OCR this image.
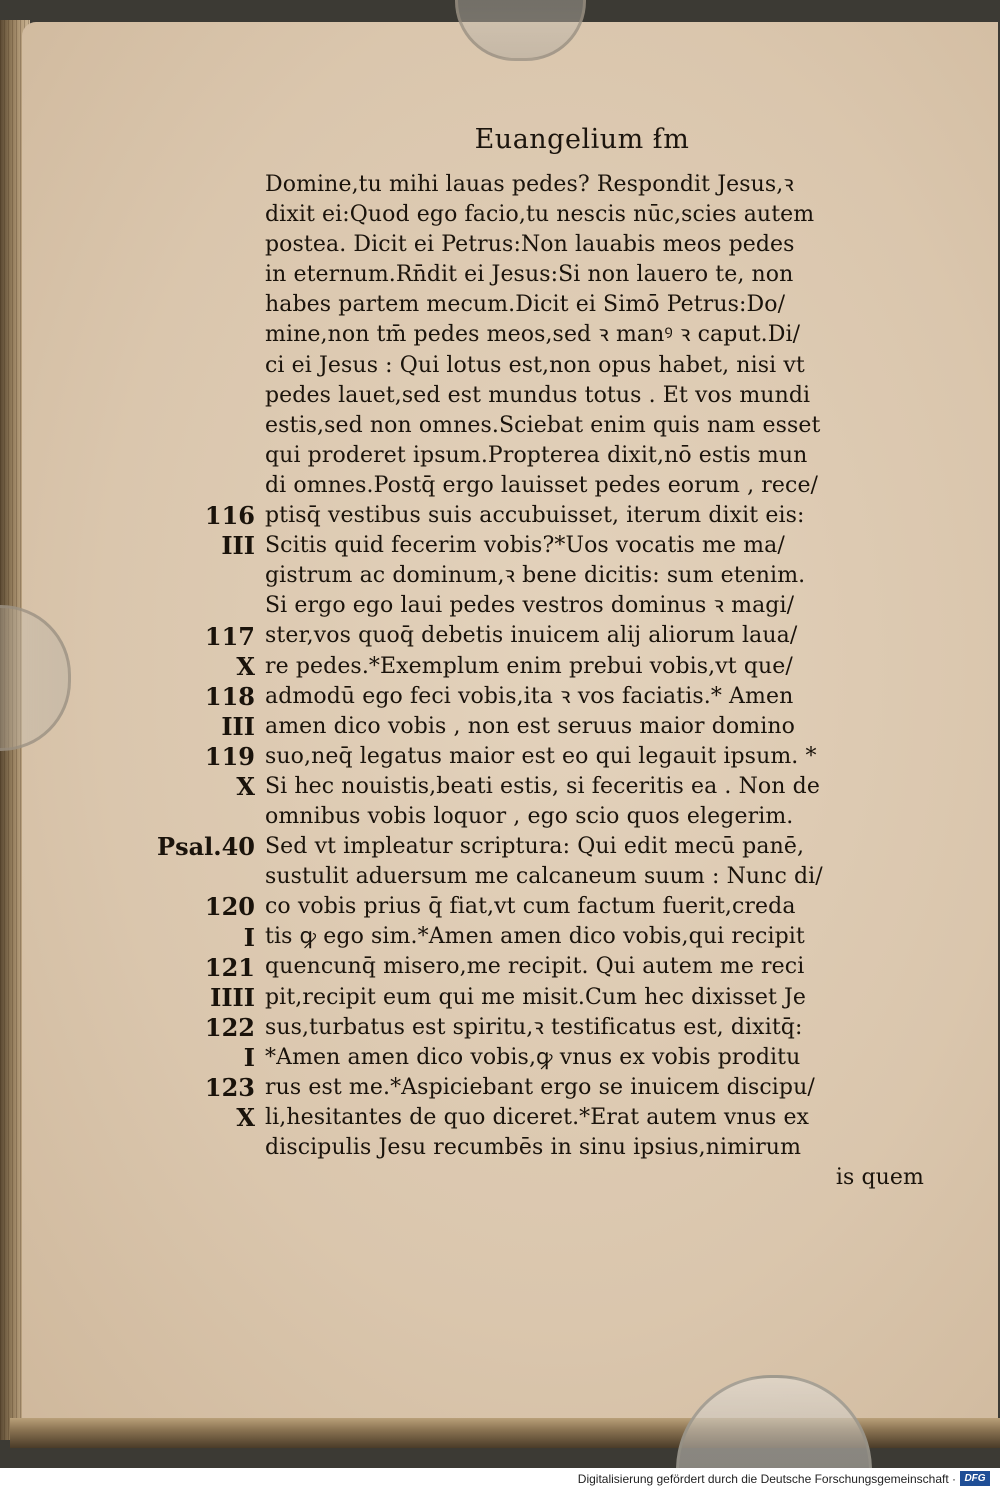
Euangelium ẜm
Domine,tu mihi lauas pedes? Respondit Jesus,ꝛ
dixit ei:Quod ego facio,tu nescis nūc,scies autem
postea. Dicit ei Petrus:Non lauabis meos pedes
in eternum.Rn̄dit ei Jesus:Si non lauero te, non
habes partem mecum.Dicit ei Simō Petrus:Do/
mine,non tm̄ pedes meos,sed ꝛ manꝰ ꝛ caput.Di/
ci ei Jesus : Qui lotus est,non opus habet, nisi vt
pedes lauet,sed est mundus totus . Et vos mundi
estis,sed non omnes.Sciebat enim quis nam esset
qui proderet ipsum.Propterea dixit,nō estis mun
di omnes.Postq̄ ergo lauisset pedes eorum , rece/
ptisq̄ vestibus suis accubuisset, iterum dixit eis:
Scitis quid fecerim vobis?*Uos vocatis me ma/
gistrum ac dominum,ꝛ bene dicitis: sum etenim.
Si ergo ego laui pedes vestros dominus ꝛ magi/
ster,vos quoq̄ debetis inuicem alij aliorum laua/
re pedes.*Exemplum enim prebui vobis,vt que/
admodū ego feci vobis,ita ꝛ vos faciatis.* Amen
amen dico vobis , non est seruus maior domino
suo,neq̄ legatus maior est eo qui legauit ipsum. *
Si hec nouistis,beati estis, si feceritis ea . Non de
omnibus vobis loquor , ego scio quos elegerim.
Sed vt impleatur scriptura: Qui edit mecū panē,
sustulit aduersum me calcaneum suum : Nunc di/
co vobis prius q̄ fiat,vt cum factum fuerit,creda
tis ꝙ ego sim.*Amen amen dico vobis,qui recipit
quencunq̄ misero,me recipit. Qui autem me reci
pit,recipit eum qui me misit.Cum hec dixisset Je
sus,turbatus est spiritu,ꝛ testificatus est, dixitq̄:
*Amen amen dico vobis,ꝙ vnus ex vobis proditu
rus est me.*Aspiciebant ergo se inuicem discipu/
li,hesitantes de quo diceret.*Erat autem vnus ex
discipulis Jesu recumbēs in sinu ipsius,nimirum
is quem
116
III
117
X
118
III
119
X
Psal.40
120
I
121
IIII
122
I
123
X
Digitalisierung gefördert durch die Deutsche Forschungsgemeinschaft · DFG
